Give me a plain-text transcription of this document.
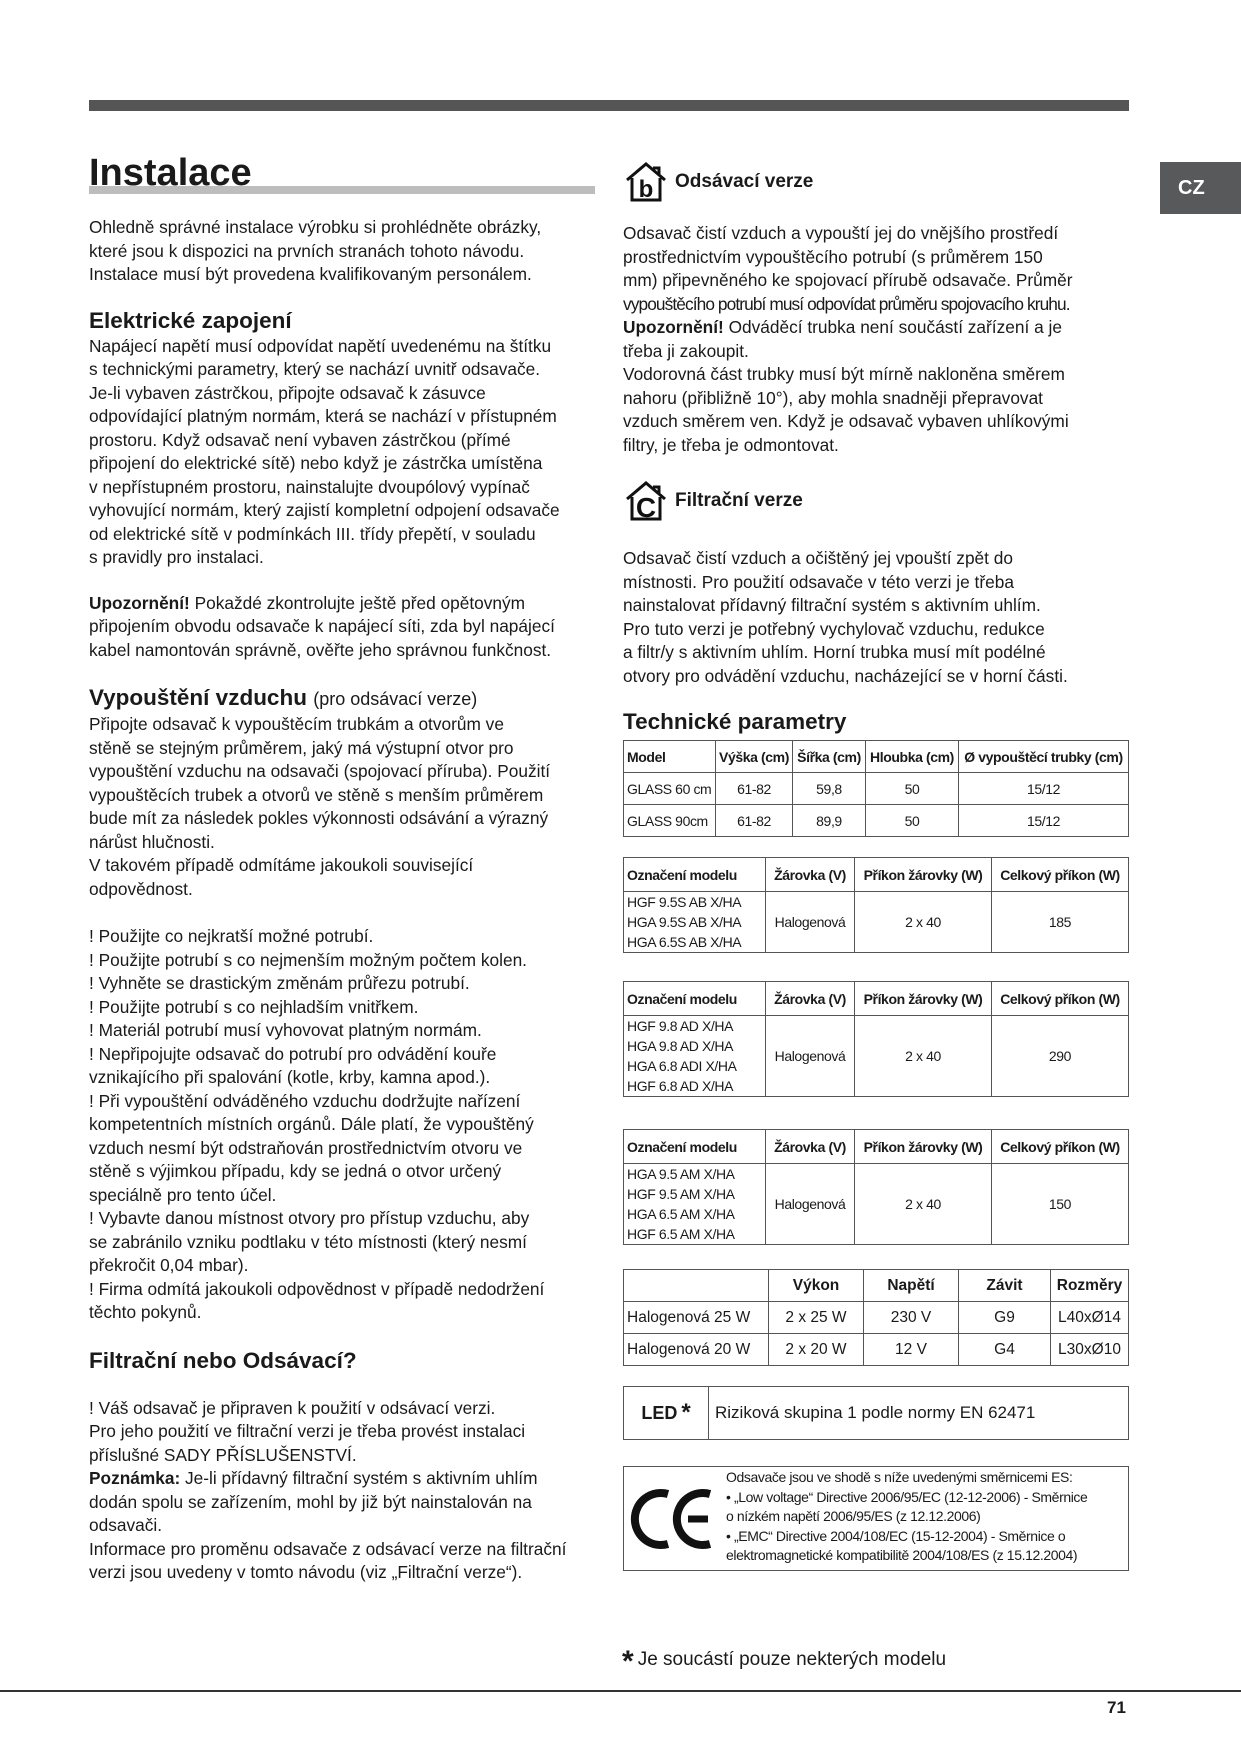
CZ
Instalace

Ohledně správné instalace výrobku si prohlédněte obrázky,
které jsou k dispozici na prvních stranách tohoto návodu.
Instalace musí být provedena kvalifikovaným personálem.

Elektrické zapojení

Napájecí napětí musí odpovídat napětí uvedenému na štítku
s technickými parametry, který se nachází uvnitř odsavače.
Je-li vybaven zástrčkou, připojte odsavač k zásuvce
odpovídající platným normám, která se nachází v přístupném
prostoru. Když odsavač není vybaven zástrčkou (přímé
připojení do elektrické sítě) nebo když je zástrčka umístěna
v nepřístupném prostoru, nainstalujte dvoupólový vypínač
vyhovující normám, který zajistí kompletní odpojení odsavače
od elektrické sítě v podmínkách III. třídy přepětí, v souladu
s pravidly pro instalaci.

Upozornění! Pokaždé zkontrolujte ještě před opětovným
připojením obvodu odsavače k napájecí síti, zda byl napájecí
kabel namontován správně, ověřte jeho správnou funkčnost.

Vypouštění vzduchu (pro odsávací verze)

Připojte odsavač k vypouštěcím trubkám a otvorům ve
stěně se stejným průměrem, jaký má výstupní otvor pro
vypouštění vzduchu na odsavači (spojovací příruba). Použití
vypouštěcích trubek a otvorů ve stěně s menším průměrem
bude mít za následek pokles výkonnosti odsávání a výrazný
nárůst hlučnosti.
V takovém případě odmítáme jakoukoli související
odpovědnost.

! Použijte co nejkratší možné potrubí.
! Použijte potrubí s co nejmenším možným počtem kolen.
! Vyhněte se drastickým změnám průřezu potrubí.
! Použijte potrubí s co nejhladším vnitřkem.
! Materiál potrubí musí vyhovovat platným normám.
! Nepřipojujte odsavač do potrubí pro odvádění kouře
vznikajícího při spalování (kotle, krby, kamna apod.).
! Při vypouštění odváděného vzduchu dodržujte nařízení
kompetentních místních orgánů. Dále platí, že vypouštěný
vzduch nesmí být odstraňován prostřednictvím otvoru ve
stěně s výjimkou případu, kdy se jedná o otvor určený
speciálně pro tento účel.
! Vybavte danou místnost otvory pro přístup vzduchu, aby
se zabránilo vzniku podtlaku v této místnosti (který nesmí
překročit 0,04 mbar).
! Firma odmítá jakoukoli odpovědnost v případě nedodržení
těchto pokynů.

Filtrační nebo Odsávací?

! Váš odsavač je připraven k použití v odsávací verzi.
Pro jeho použití ve filtrační verzi je třeba provést instalaci
příslušné SADY PŘÍSLUŠENSTVÍ.
Poznámka: Je-li přídavný filtrační systém s aktivním uhlím
dodán spolu se zařízením, mohl by již být nainstalován na
odsavači.
Informace pro proměnu odsavače z odsávací verze na filtrační
verzi jsou uvedeny v tomto návodu (viz „Filtrační verze“).

b Odsávací verze

Odsavač čistí vzduch a vypouští jej do vnějšího prostředí
prostřednictvím vypouštěcího potrubí (s průměrem 150
mm) připevněného ke spojovací přírubě odsavače. Průměr
vypouštěcího potrubí musí odpovídat průměru spojovacího kruhu.
Upozornění! Odváděcí trubka není součástí zařízení a je
třeba ji zakoupit.
Vodorovná část trubky musí být mírně nakloněna směrem
nahoru (přibližně 10°), aby mohla snadněji přepravovat
vzduch směrem ven. Když je odsavač vybaven uhlíkovými
filtry, je třeba je odmontovat.

C Filtrační verze

Odsavač čistí vzduch a očištěný jej vpouští zpět do
místnosti. Pro použití odsavače v této verzi je třeba
nainstalovat přídavný filtrační systém s aktivním uhlím.
Pro tuto verzi je potřebný vychylovač vzduchu, redukce
a filtr/y s aktivním uhlím. Horní trubka musí mít podélné
otvory pro odvádění vzduchu, nacházející se v horní části.

Technické parametry
Model	Výška (cm)	Šířka (cm)	Hloubka (cm)	Ø vypouštěcí trubky (cm)
GLASS 60 cm	61-82	59,8	50	15/12
GLASS 90cm	61-82	89,9	50	15/12
Označení modelu	Žárovka (V)	Příkon žárovky (W)	Celkový příkon (W)

HGF 9.5S AB X/HA
HGA 9.5S AB X/HA
HGA 6.5S AB X/HA	Halogenová	2 x 40	185
Označení modelu	Žárovka (V)	Příkon žárovky (W)	Celkový příkon (W)

HGF 9.8 AD X/HA
HGA 9.8 AD X/HA
HGA 6.8 ADI X/HA
HGF 6.8 AD X/HA	Halogenová	2 x 40	290
Označení modelu	Žárovka (V)	Příkon žárovky (W)	Celkový příkon (W)

HGA 9.5 AM X/HA
HGF 9.5 AM X/HA
HGA 6.5 AM X/HA
HGF 6.5 AM X/HA	Halogenová	2 x 40	150
	Výkon	Napětí	Závit	Rozměry
Halogenová 25 W	2 x 25 W	230 V	G9	L40xØ14
Halogenová 20 W	2 x 20 W	12 V	G4	L30xØ10
LED *	Riziková skupina 1 podle normy EN 62471
Odsavače jsou ve shodě s níže uvedenými směrnicemi ES:
• „Low voltage“ Directive 2006/95/EC (12-12-2006) - Směrnice
o nízkém napětí 2006/95/ES (z 12.12.2006)
• „EMC“ Directive 2004/108/EC (15-12-2004) - Směrnice o
elektromagnetické kompatibilitě 2004/108/ES (z 15.12.2004)
* Je soucástí pouze nekterých modelu
71
